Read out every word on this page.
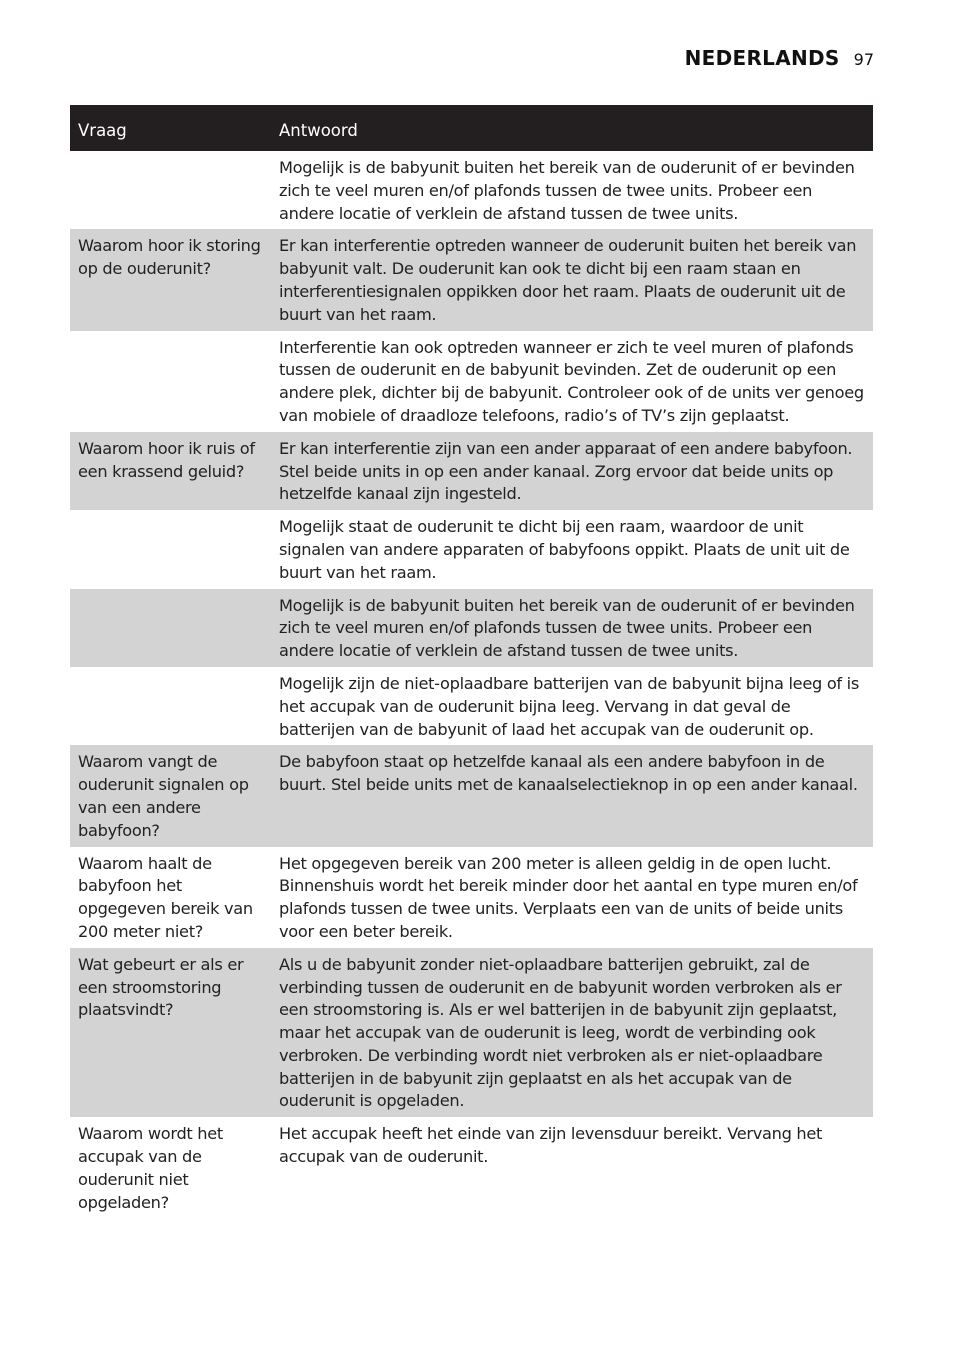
NEDERLANDS 97
Vraag	Antwoord
	Mogelijk is de babyunit buiten het bereik van de ouderunit of er bevinden zich te veel muren en/of plafonds tussen de twee units. Probeer een andere locatie of verklein de afstand tussen de twee units.
Waarom hoor ik storing op de ouderunit?	Er kan interferentie optreden wanneer de ouderunit buiten het bereik van babyunit valt. De ouderunit kan ook te dicht bij een raam staan en interferentiesignalen oppikken door het raam. Plaats de ouderunit uit de buurt van het raam.
	Interferentie kan ook optreden wanneer er zich te veel muren of plafonds tussen de ouderunit en de babyunit bevinden. Zet de ouderunit op een andere plek, dichter bij de babyunit. Controleer ook of de units ver genoeg van mobiele of draadloze telefoons, radio’s of TV’s zijn geplaatst.
Waarom hoor ik ruis of een krassend geluid?	Er kan interferentie zijn van een ander apparaat of een andere babyfoon. Stel beide units in op een ander kanaal. Zorg ervoor dat beide units op hetzelfde kanaal zijn ingesteld.
	Mogelijk staat de ouderunit te dicht bij een raam, waardoor de unit signalen van andere apparaten of babyfoons oppikt. Plaats de unit uit de buurt van het raam.
	Mogelijk is de babyunit buiten het bereik van de ouderunit of er bevinden zich te veel muren en/of plafonds tussen de twee units. Probeer een andere locatie of verklein de afstand tussen de twee units.
	Mogelijk zijn de niet-oplaadbare batterijen van de babyunit bijna leeg of is het accupak van de ouderunit bijna leeg. Vervang in dat geval de batterijen van de babyunit of laad het accupak van de ouderunit op.
Waarom vangt de ouderunit signalen op van een andere babyfoon?	De babyfoon staat op hetzelfde kanaal als een andere babyfoon in de buurt. Stel beide units met de kanaalselectieknop in op een ander kanaal.
Waarom haalt de babyfoon het opgegeven bereik van 200 meter niet?	Het opgegeven bereik van 200 meter is alleen geldig in de open lucht. Binnenshuis wordt het bereik minder door het aantal en type muren en/of plafonds tussen de twee units. Verplaats een van de units of beide units voor een beter bereik.
Wat gebeurt er als er een stroomstoring plaatsvindt?	Als u de babyunit zonder niet-oplaadbare batterijen gebruikt, zal de verbinding tussen de ouderunit en de babyunit worden verbroken als er een stroomstoring is. Als er wel batterijen in de babyunit zijn geplaatst, maar het accupak van de ouderunit is leeg, wordt de verbinding ook verbroken. De verbinding wordt niet verbroken als er niet-oplaadbare batterijen in de babyunit zijn geplaatst en als het accupak van de ouderunit is opgeladen.
Waarom wordt het accupak van de ouderunit niet opgeladen?	Het accupak heeft het einde van zijn levensduur bereikt. Vervang het accupak van de ouderunit.
